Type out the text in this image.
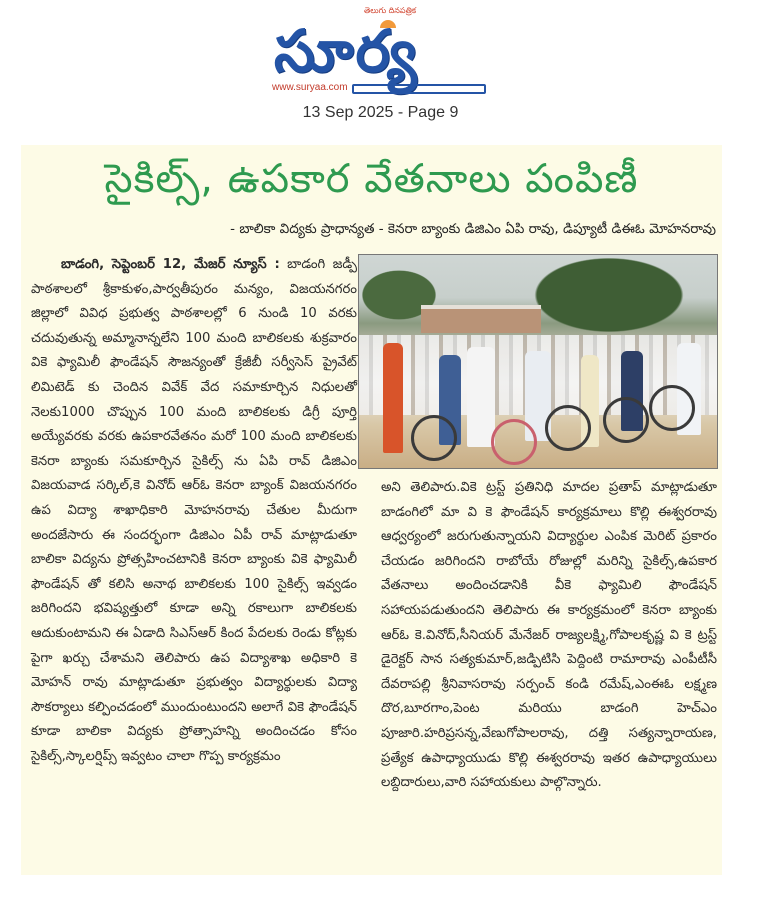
తెలుగు దినపత్రిక
సూర్య
www.suryaa.com
13 Sep 2025 - Page 9
సైకిల్స్, ఉపకార వేతనాలు పంపిణీ
- బాలికా విద్యకు ప్రాధాన్యత - కెనరా బ్యాంకు డిజిఎం ఏపి రావు, డిప్యూటీ డిఈఓ మోహనరావు

బాడంగి, సెప్టెంబర్ 12, మేజర్ న్యూస్ : బాడంగి జడ్పీ పాఠశాలలో శ్రీకాకుళం,పార్వతీపురం మన్యం, విజయనగరం జిల్లాలో వివిధ ప్రభుత్వ పాఠశాలల్లో 6 నుండి 10 వరకు చదువుతున్న అమ్మానాన్నలేని 100 మంది బాలికలకు శుక్రవారం వికె ఫ్యామిలీ ఫౌండేషన్ సౌజన్యంతో క్రేజీబీ సర్వీసెస్ ప్రైవేట్ లిమిటెడ్ కు చెందిన వివేక్ వేద సమాకూర్చిన నిధులతో నెలకు1000 చొప్పున 100 మంది బాలికలకు డిగ్రీ పూర్తి అయ్యేవరకు వరకు ఉపకారవేతనం మరో 100 మంది బాలికలకు కెనరా బ్యాంకు సమకూర్చిన సైకిల్స్ ను ఏపి రావ్ డిజిఎం విజయవాడ సర్కిల్,కె వినోద్ ఆర్ఓ కెనరా బ్యాంక్ విజయనగరం ఉప విద్యా శాఖాధికారి మోహనరావు చేతుల మీదుగా అందజేసారు ఈ సందర్భంగా డిజిఎం ఏపీ రావ్ మాట్లాడుతూ బాలికా విద్యను ప్రోత్సహించటానికి కెనరా బ్యాంకు వికె ఫ్యామిలీ ఫౌండేషన్ తో కలిసి అనాథ బాలికలకు 100 సైకిల్స్ ఇవ్వడం జరిగిందని భవిష్యత్తులో కూడా అన్ని రకాలుగా బాలికలకు ఆదుకుంటామని ఈ ఏడాది సిఎస్ఆర్ కింద పేదలకు రెండు కోట్లకు పైగా ఖర్చు చేశామని తెలిపారు ఉప విద్యాశాఖ అధికారి కె మోహన్ రావు మాట్లాడుతూ ప్రభుత్వం విద్యార్థులకు విద్యా సౌకర్యాలు కల్పించడంలో ముందుంటుందని అలాగే వికె ఫౌండేషన్ కూడా బాలికా విద్యకు ప్రోత్సాహన్ని అందించడం కోసం సైకిల్స్,స్కాలర్షిప్స్ ఇవ్వటం చాలా గొప్ప కార్యక్రమం

అని తెలిపారు.వికె ట్రస్ట్ ప్రతినిధి మాదల ప్రతాప్ మాట్లాడుతూ బాడంగిలో మా వి కె ఫౌండేషన్ కార్యక్రమాలు కొల్లి ఈశ్వరరావు ఆధ్వర్యంలో జరుగుతున్నాయని విద్యార్థుల ఎంపిక మెరిట్ ప్రకారం చేయడం జరిగిందని రాబోయే రోజుల్లో మరిన్ని సైకిల్స్,ఉపకార వేతనాలు అందించడానికి వీకె ఫ్యామిలి ఫౌండేషన్ సహాయపడుతుందని తెలిపారు ఈ కార్యక్రమంలో కెనరా బ్యాంకు ఆర్ఓ కె.వినోద్,సీనియర్ మేనేజర్ రాజ్యలక్ష్మి,గోపాలకృష్ణ వి కె ట్రస్ట్ డైరెక్టర్ సాన సత్యకుమార్,జడ్పిటిసి పెద్దింటి రామారావు ఎంపీటీసీ దేవరాపల్లి శ్రీనివాసరావు సర్పంచ్ కండి రమేష్,ఎంఈఓ లక్ష్మణ దొర,బూరగాం,పెంట మరియు బాడంగి హెచ్ఎం పూజారి.హరిప్రసన్న,వేణుగోపాలరావు, దత్తి సత్యన్నారాయణ, ప్రత్యేక ఉపాధ్యాయుడు కొల్లి ఈశ్వరరావు ఇతర ఉపాధ్యాయులు లబ్దిదారులు,వారి సహాయకులు పాల్గొన్నారు.
